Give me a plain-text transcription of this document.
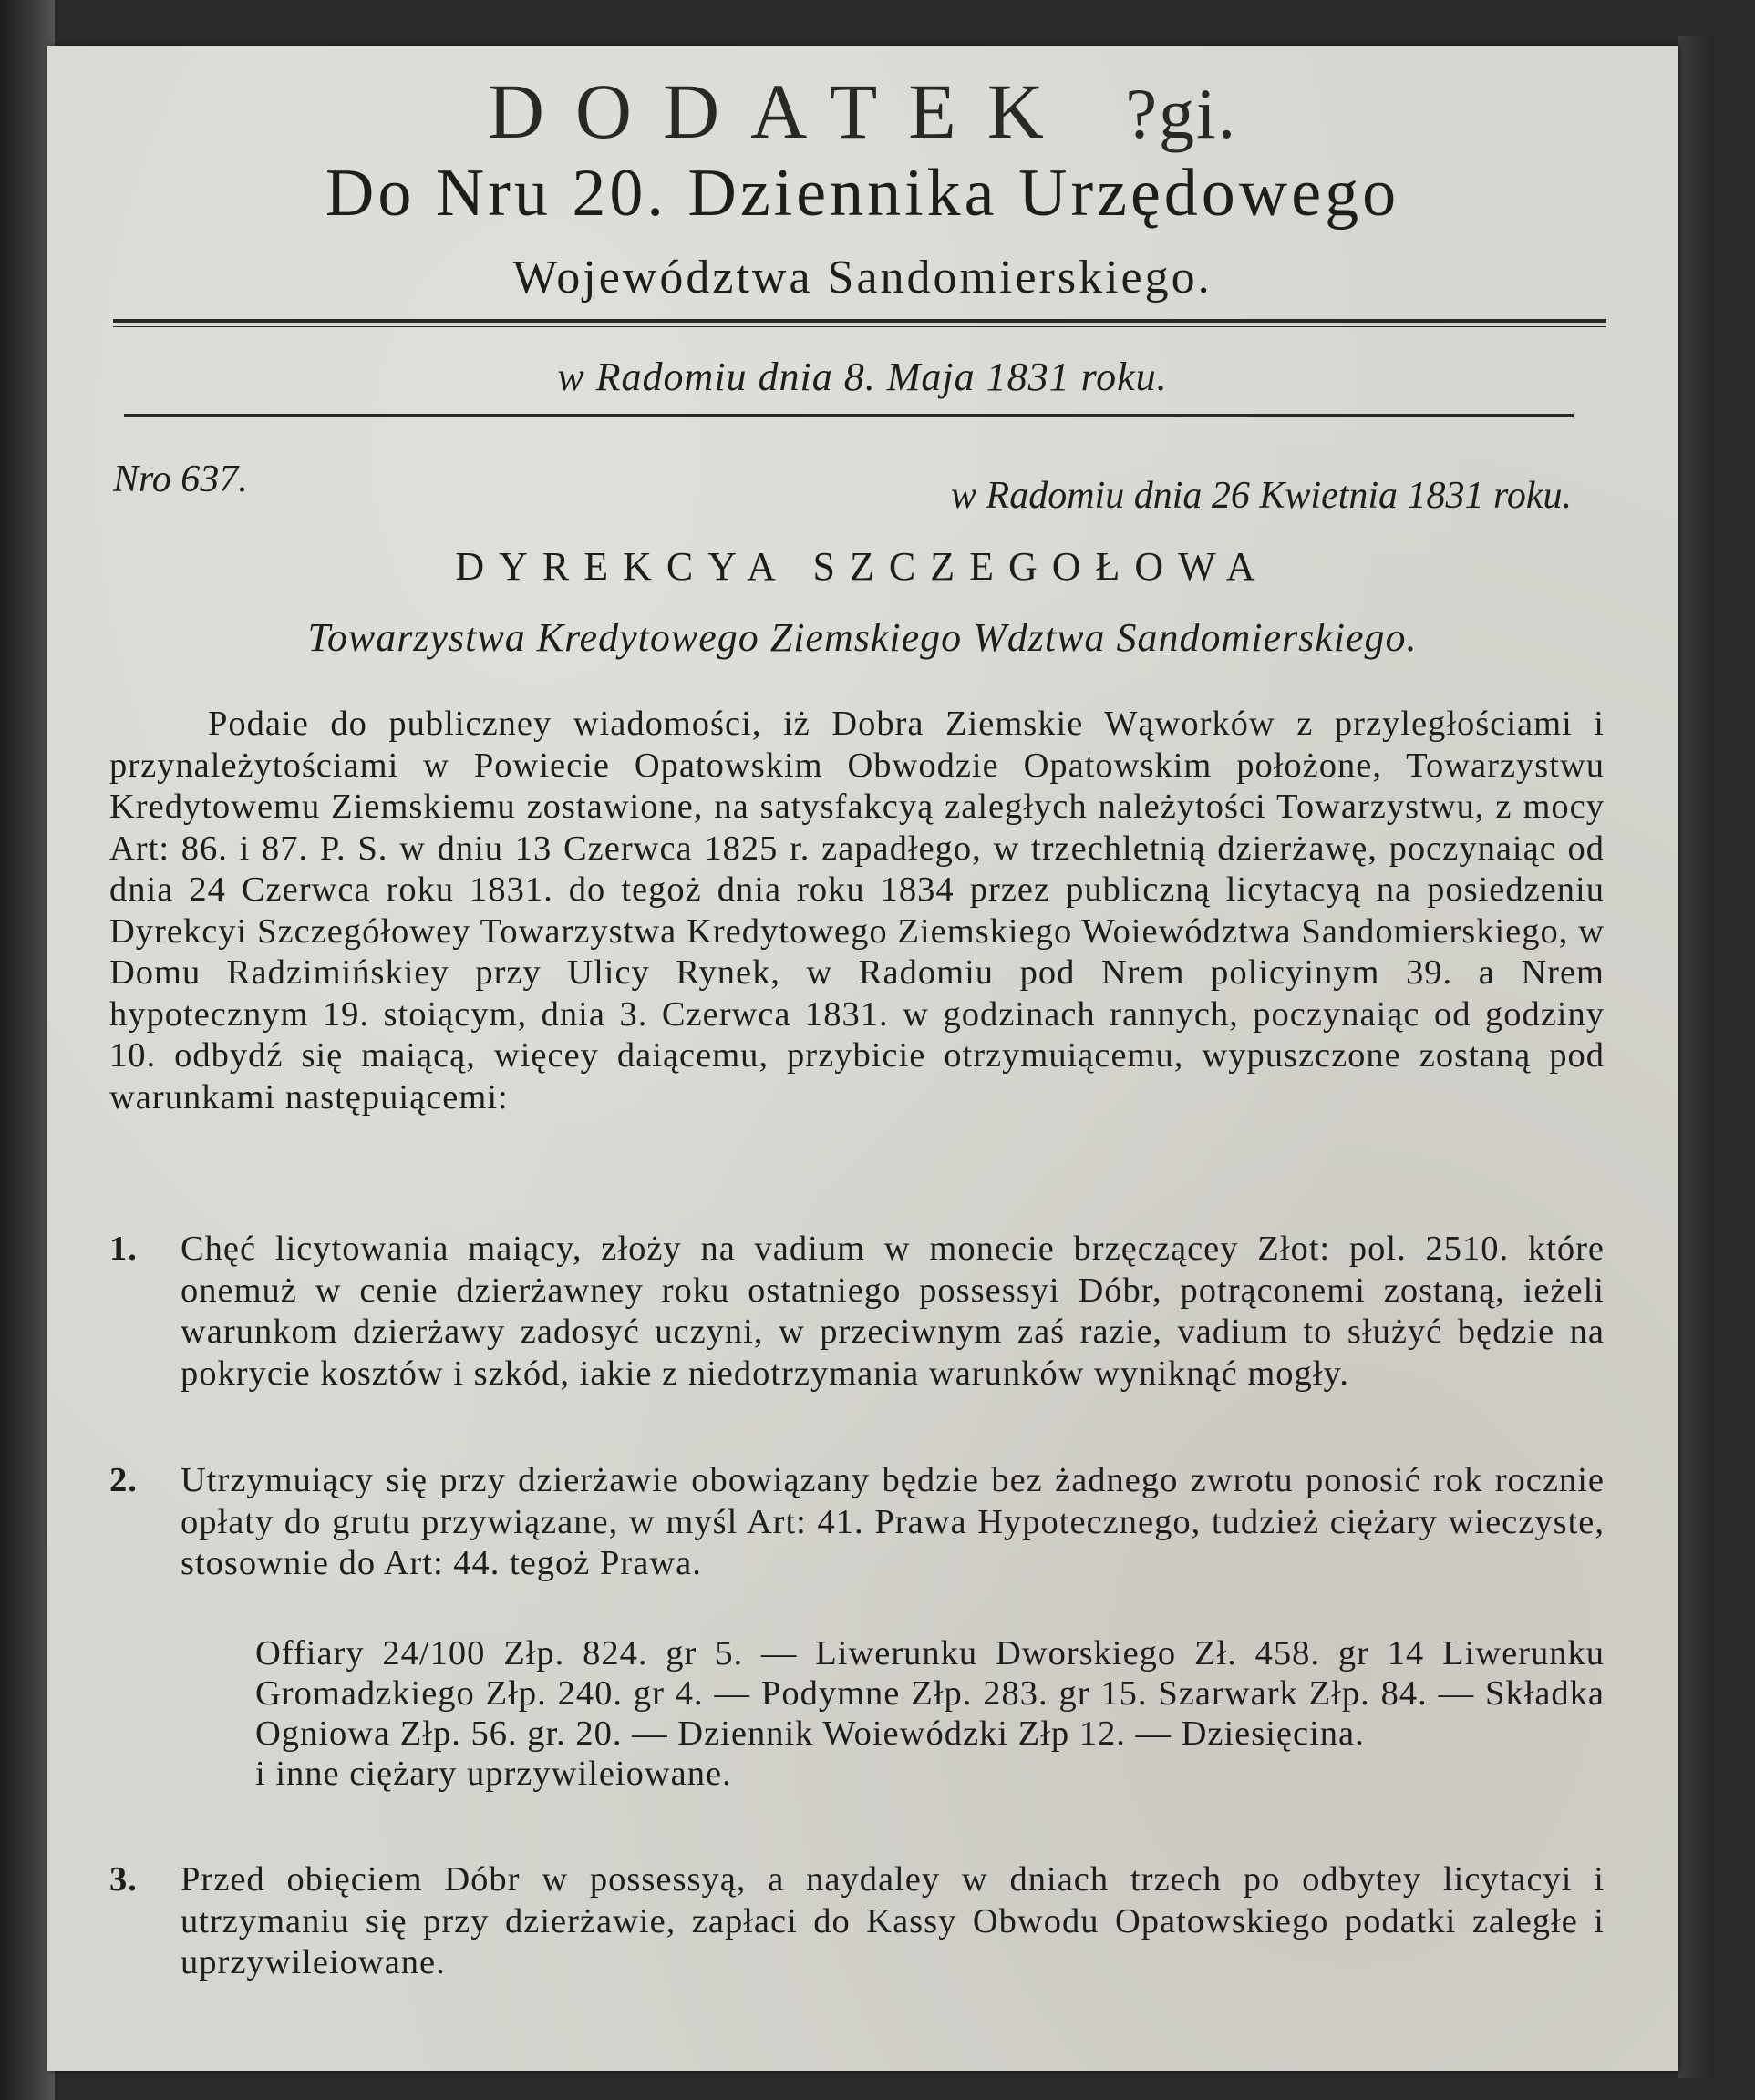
DODATEK ?gi.
Do Nru 20. Dziennika Urzędowego
Województwa Sandomierskiego.
w Radomiu dnia 8. Maja 1831 roku.
Nro 637.	w Radomiu dnia 26 Kwietnia 1831 roku.
DYREKCYA SZCZEGOŁOWA
Towarzystwa Kredytowego Ziemskiego Wdztwa Sandomierskiego.

Podaie do publiczney wiadomości, iż Dobra Ziemskie Wąworków z przyległościami i przynależytościami w Powiecie Opatowskim Obwodzie Opatowskim położone, Towarzystwu Kredytowemu Ziemskiemu zostawione, na satysfakcyą zaległych należytości Towarzystwu, z mocy Art: 86. i 87. P. S. w dniu 13 Czerwca 1825 r. zapadłego, w trzechletnią dzierżawę, poczynaiąc od dnia 24 Czerwca roku 1831. do tegoż dnia roku 1834 przez publiczną licytacyą na posiedzeniu Dyrekcyi Szczegółowey Towarzystwa Kredytowego Ziemskiego Woiewództwa Sandomierskiego, w Domu Radzimińskiey przy Ulicy Rynek, w Radomiu pod Nrem policyinym 39. a Nrem hypotecznym 19. stoiącym, dnia 3. Czerwca 1831. w godzinach rannych, poczynaiąc od godziny 10. odbydź się maiącą, więcey daiącemu, przybicie otrzymuiącemu, wypuszczone zostaną pod warunkami następuiącemi:

1. Chęć licytowania maiący, złoży na vadium w monecie brzęczącey Złot: pol. 2510. które onemuż w cenie dzierżawney roku ostatniego possessyi Dóbr, potrąconemi zostaną, ieżeli warunkom dzierżawy zadosyć uczyni, w przeciwnym zaś razie, vadium to służyć będzie na pokrycie kosztów i szkód, iakie z niedotrzymania warunków wyniknąć mogły.
2. Utrzymuiący się przy dzierżawie obowiązany będzie bez żadnego zwrotu ponosić rok rocznie opłaty do grutu przywiązane, w myśl Art: 41. Prawa Hypotecznego, tudzież ciężary wieczyste, stosownie do Art: 44. tegoż Prawa.
Offiary 24/100 Złp. 824. gr 5. — Liwerunku Dworskiego Zł. 458. gr 14 Liwerunku Gromadzkiego Złp. 240. gr 4. — Podymne Złp. 283. gr 15. Szarwark Złp. 84. — Składka Ogniowa Złp. 56. gr. 20. — Dziennik Woiewódzki Złp 12. — Dziesięcina.
i inne ciężary uprzywileiowane.
3. Przed obięciem Dóbr w possessyą, a naydaley w dniach trzech po odbytey licytacyi i utrzymaniu się przy dzierżawie, zapłaci do Kassy Obwodu Opatowskiego podatki zaległe i uprzywileiowane.
